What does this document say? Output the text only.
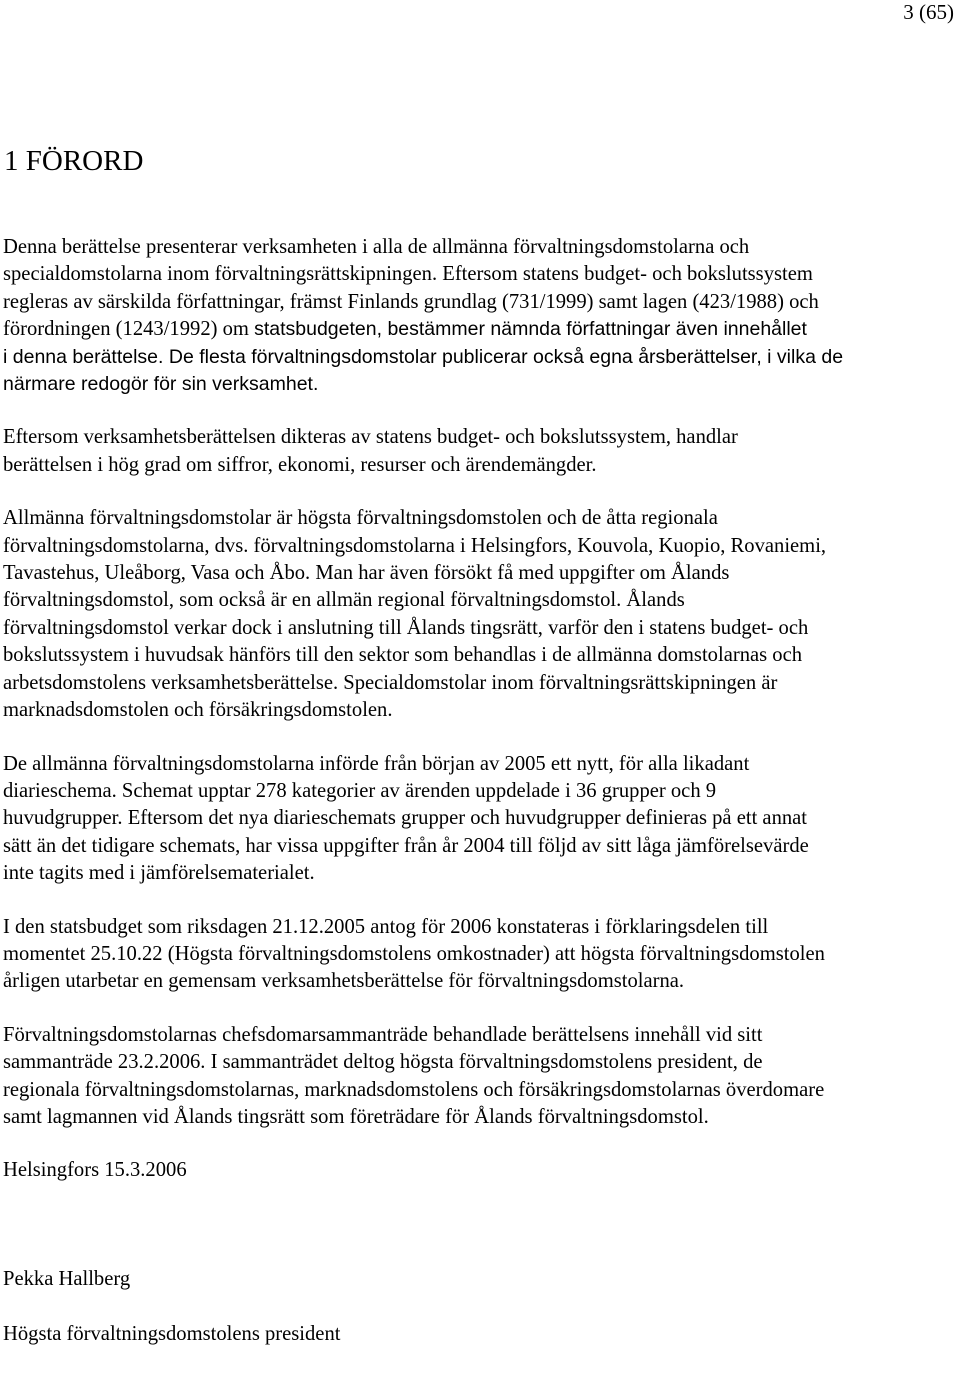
3 (65)
1 FÖRORD

Denna berättelse presenterar verksamheten i alla de allmänna förvaltningsdomstolarna och
specialdomstolarna inom förvaltningsrättskipningen. Eftersom statens budget- och bokslutssystem
regleras av särskilda författningar, främst Finlands grundlag (731/1999) samt lagen (423/1988) och
förordningen (1243/1992) om statsbudgeten, bestämmer nämnda författningar även innehållet
i denna berättelse. De flesta förvaltningsdomstolar publicerar också egna årsberättelser, i vilka de
närmare redogör för sin verksamhet.

Eftersom verksamhetsberättelsen dikteras av statens budget- och bokslutssystem, handlar
berättelsen i hög grad om siffror, ekonomi, resurser och ärendemängder.

Allmänna förvaltningsdomstolar är högsta förvaltningsdomstolen och de åtta regionala
förvaltningsdomstolarna, dvs. förvaltningsdomstolarna i Helsingfors, Kouvola, Kuopio, Rovaniemi,
Tavastehus, Uleåborg, Vasa och Åbo. Man har även försökt få med uppgifter om Ålands
förvaltningsdomstol, som också är en allmän regional förvaltningsdomstol. Ålands
förvaltningsdomstol verkar dock i anslutning till Ålands tingsrätt, varför den i statens budget- och
bokslutssystem i huvudsak hänförs till den sektor som behandlas i de allmänna domstolarnas och
arbetsdomstolens verksamhetsberättelse. Specialdomstolar inom förvaltningsrättskipningen är
marknadsdomstolen och försäkringsdomstolen.

De allmänna förvaltningsdomstolarna införde från början av 2005 ett nytt, för alla likadant
diarieschema. Schemat upptar 278 kategorier av ärenden uppdelade i 36 grupper och 9
huvudgrupper. Eftersom det nya diarieschemats grupper och huvudgrupper definieras på ett annat
sätt än det tidigare schemats, har vissa uppgifter från år 2004 till följd av sitt låga jämförelsevärde
inte tagits med i jämförelsematerialet.

I den statsbudget som riksdagen 21.12.2005 antog för 2006 konstateras i förklaringsdelen till
momentet 25.10.22 (Högsta förvaltningsdomstolens omkostnader) att högsta förvaltningsdomstolen
årligen utarbetar en gemensam verksamhetsberättelse för förvaltningsdomstolarna.

Förvaltningsdomstolarnas chefsdomarsammanträde behandlade berättelsens innehåll vid sitt
sammanträde 23.2.2006. I sammanträdet deltog högsta förvaltningsdomstolens president, de
regionala förvaltningsdomstolarnas, marknadsdomstolens och försäkringsdomstolarnas överdomare
samt lagmannen vid Ålands tingsrätt som företrädare för Ålands förvaltningsdomstol.

Helsingfors 15.3.2006

Pekka Hallberg

Högsta förvaltningsdomstolens president
